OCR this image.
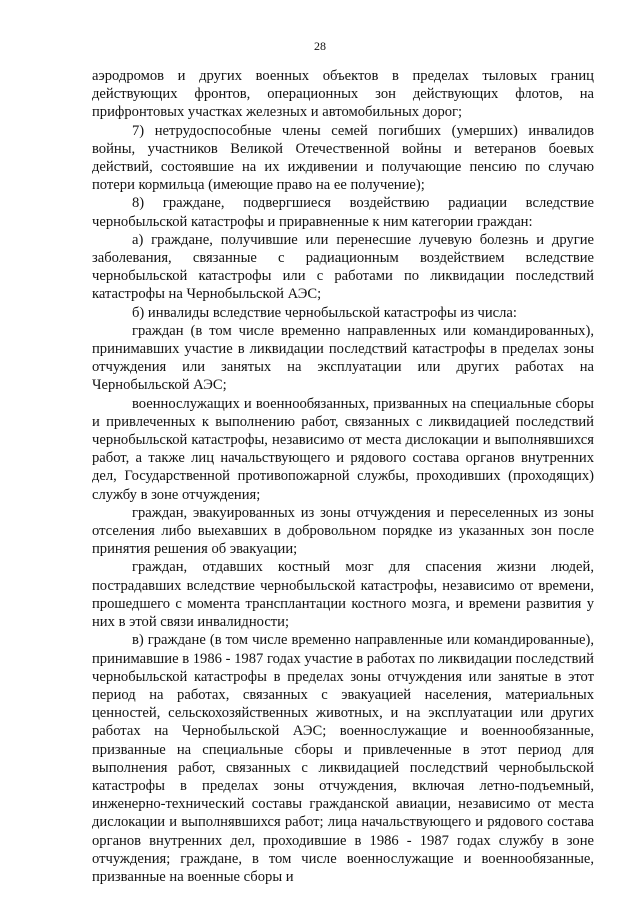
28

аэродромов и других военных объектов в пределах тыловых границ действующих фронтов, операционных зон действующих флотов, на прифронтовых участках железных и автомобильных дорог;

7) нетрудоспособные члены семей погибших (умерших) инвалидов войны, участников Великой Отечественной войны и ветеранов боевых действий, состоявшие на их иждивении и получающие пенсию по случаю потери кормильца (имеющие право на ее получение);

8) граждане, подвергшиеся воздействию радиации вследствие чернобыльской катастрофы и приравненные к ним категории граждан:

а) граждане, получившие или перенесшие лучевую болезнь и другие заболевания, связанные с радиационным воздействием вследствие чернобыльской катастрофы или с работами по ликвидации последствий катастрофы на Чернобыльской АЭС;

б) инвалиды вследствие чернобыльской катастрофы из числа:

граждан (в том числе временно направленных или командированных), принимавших участие в ликвидации последствий катастрофы в пределах зоны отчуждения или занятых на эксплуатации или других работах на Чернобыльской АЭС;

военнослужащих и военнообязанных, призванных на специальные сборы и привлеченных к выполнению работ, связанных с ликвидацией последствий чернобыльской катастрофы, независимо от места дислокации и выполнявшихся работ, а также лиц начальствующего и рядового состава органов внутренних дел, Государственной противопожарной службы, проходивших (проходящих) службу в зоне отчуждения;

граждан, эвакуированных из зоны отчуждения и переселенных из зоны отселения либо выехавших в добровольном порядке из указанных зон после принятия решения об эвакуации;

граждан, отдавших костный мозг для спасения жизни людей, пострадавших вследствие чернобыльской катастрофы, независимо от времени, прошедшего с момента трансплантации костного мозга, и времени развития у них в этой связи инвалидности;

в) граждане (в том числе временно направленные или командированные), принимавшие в 1986 - 1987 годах участие в работах по ликвидации последствий чернобыльской катастрофы в пределах зоны отчуждения или занятые в этот период на работах, связанных с эвакуацией населения, материальных ценностей, сельскохозяйственных животных, и на эксплуатации или других работах на Чернобыльской АЭС; военнослужащие и военнообязанные, призванные на специальные сборы и привлеченные в этот период для выполнения работ, связанных с ликвидацией последствий чернобыльской катастрофы в пределах зоны отчуждения, включая летно-подъемный, инженерно-технический составы гражданской авиации, независимо от места дислокации и выполнявшихся работ; лица начальствующего и рядового состава органов внутренних дел, проходившие в 1986 - 1987 годах службу в зоне отчуждения; граждане, в том числе военнослужащие и военнообязанные, призванные на военные сборы и
